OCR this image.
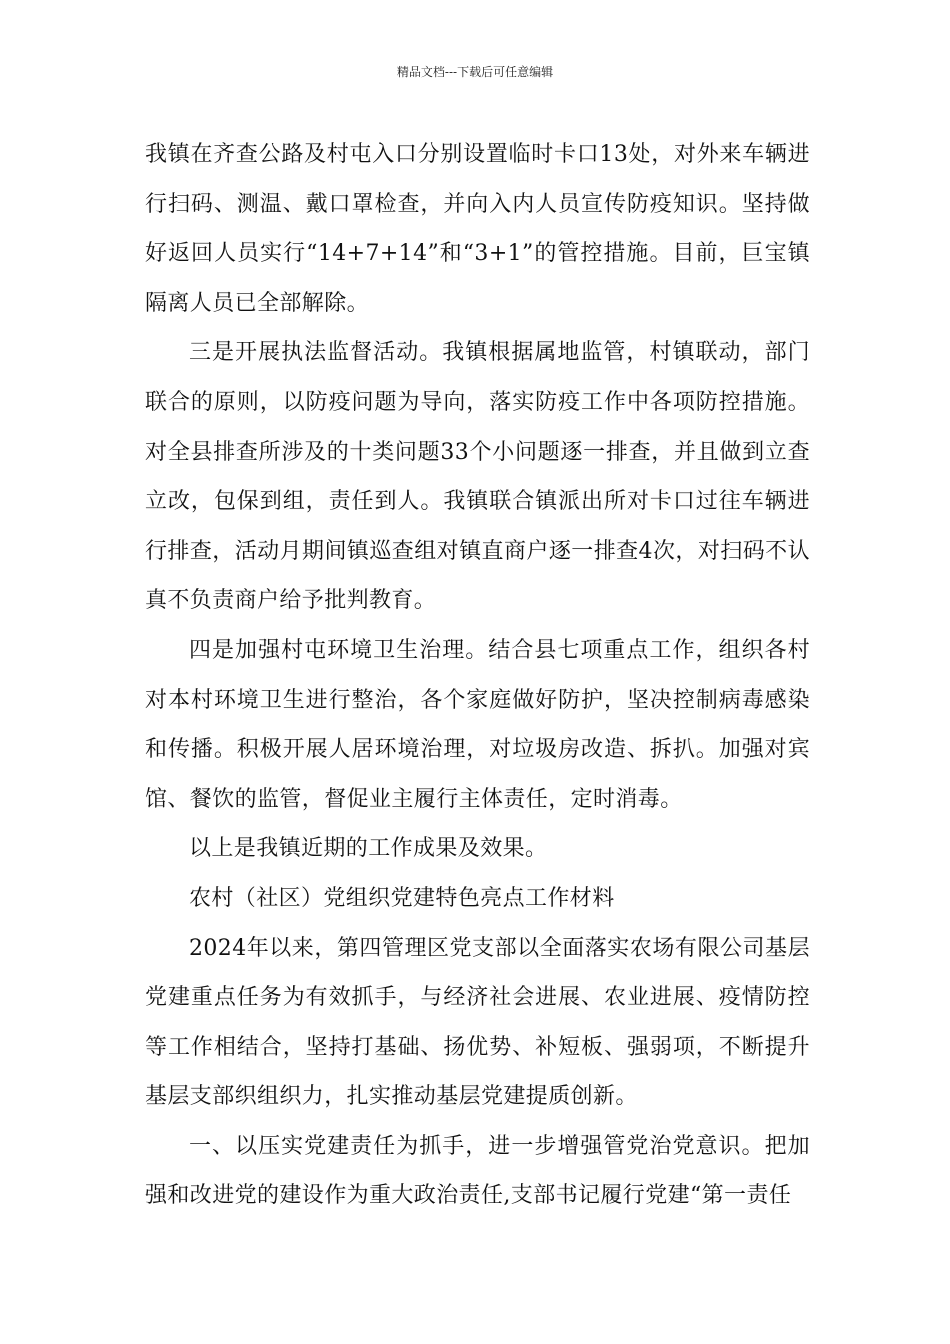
精品文档---下载后可任意编辑

我镇在齐查公路及村屯入口分别设置临时卡口13处，对外来车辆进行扫码、测温、戴口罩检查，并向入内人员宣传防疫知识。坚持做好返回人员实行“14+7+14”和“3+1”的管控措施。目前，巨宝镇隔离人员已全部解除。

三是开展执法监督活动。我镇根据属地监管，村镇联动，部门联合的原则，以防疫问题为导向，落实防疫工作中各项防控措施。对全县排查所涉及的十类问题33个小问题逐一排查，并且做到立查立改，包保到组，责任到人。我镇联合镇派出所对卡口过往车辆进行排查，活动月期间镇巡查组对镇直商户逐一排查4次，对扫码不认真不负责商户给予批判教育。

四是加强村屯环境卫生治理。结合县七项重点工作，组织各村对本村环境卫生进行整治，各个家庭做好防护，坚决控制病毒感染和传播。积极开展人居环境治理，对垃圾房改造、拆扒。加强对宾馆、餐饮的监管，督促业主履行主体责任，定时消毒。

以上是我镇近期的工作成果及效果。

农村（社区）党组织党建特色亮点工作材料

2024年以来，第四管理区党支部以全面落实农场有限公司基层党建重点任务为有效抓手，与经济社会进展、农业进展、疫情防控等工作相结合，坚持打基础、扬优势、补短板、强弱项，不断提升基层支部织组织力，扎实推动基层党建提质创新。

一、以压实党建责任为抓手，进一步增强管党治党意识。把加强和改进党的建设作为重大政治责任,支部书记履行党建“第一责任
